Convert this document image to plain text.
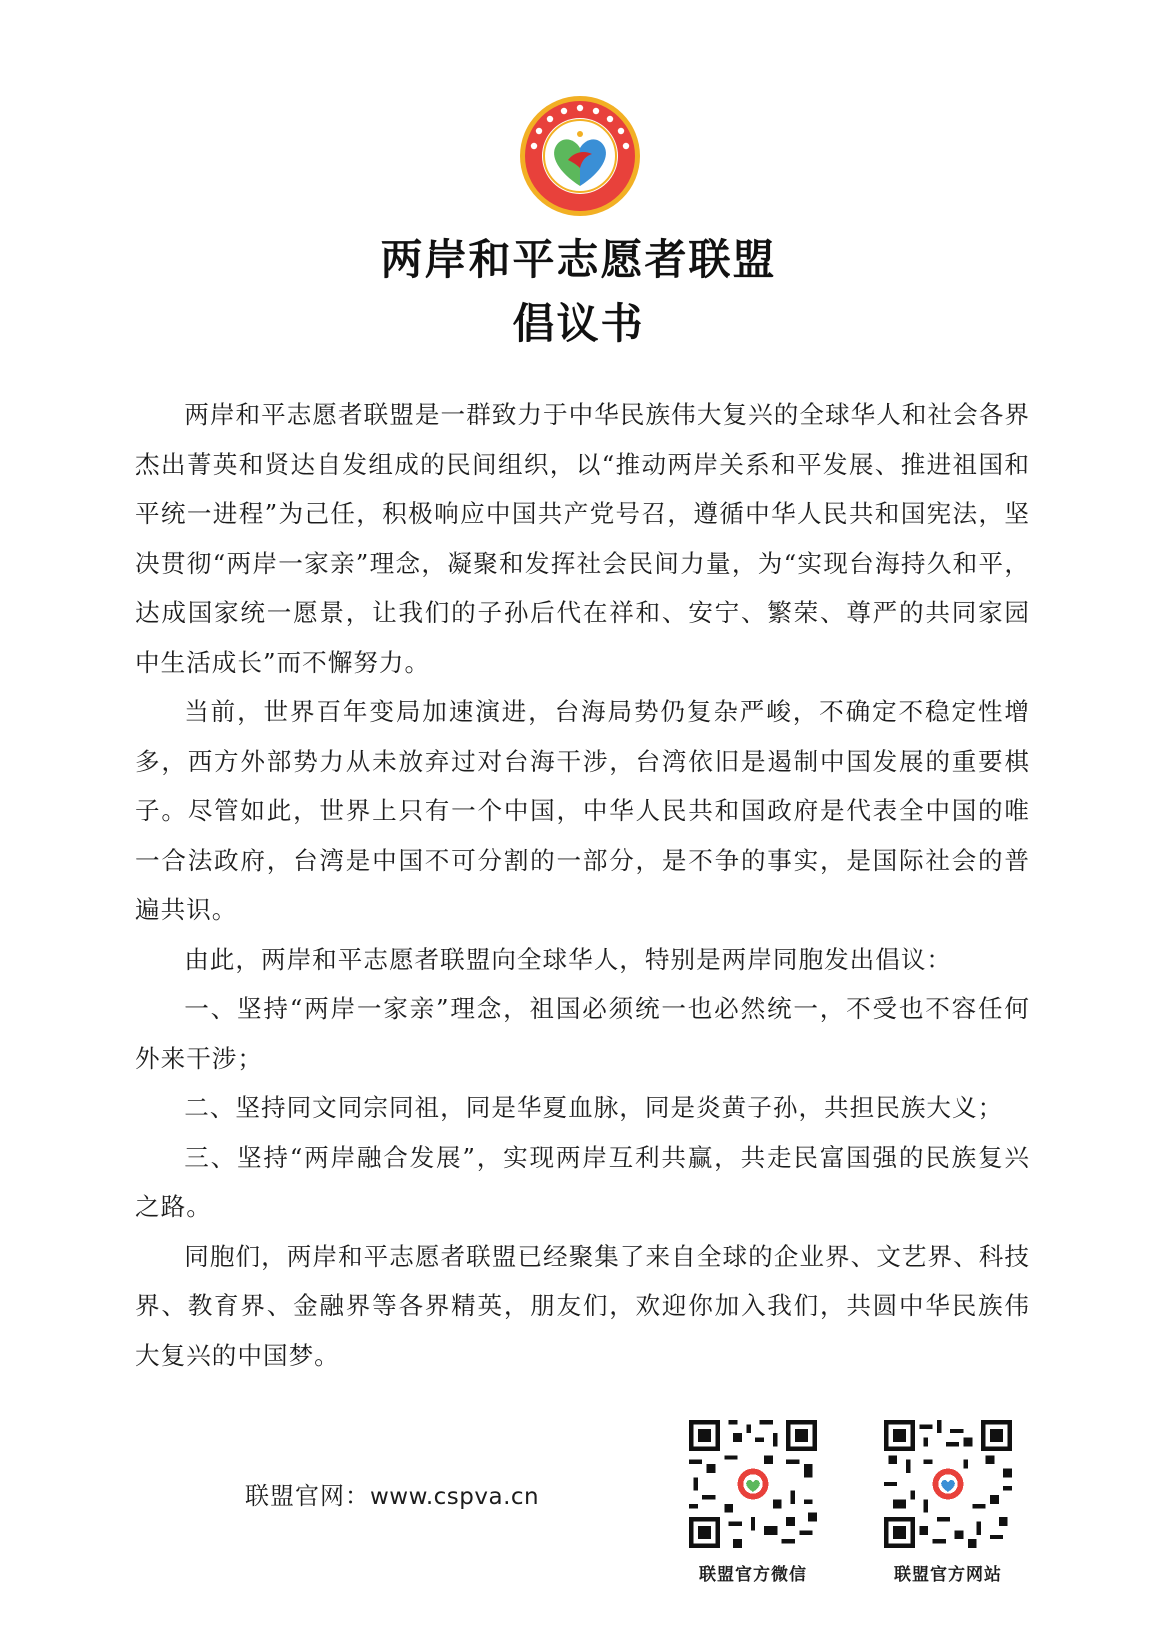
两岸和平志愿者联盟
倡议书

两岸和平志愿者联盟是一群致力于中华民族伟大复兴的全球华人和社会各界杰出菁英和贤达自发组成的民间组织，以“推动两岸关系和平发展、推进祖国和平统一进程”为己任，积极响应中国共产党号召，遵循中华人民共和国宪法，坚决贯彻“两岸一家亲”理念，凝聚和发挥社会民间力量，为“实现台海持久和平，达成国家统一愿景，让我们的子孙后代在祥和、安宁、繁荣、尊严的共同家园中生活成长”而不懈努力。

当前，世界百年变局加速演进，台海局势仍复杂严峻，不确定不稳定性增多，西方外部势力从未放弃过对台海干涉，台湾依旧是遏制中国发展的重要棋子。尽管如此，世界上只有一个中国，中华人民共和国政府是代表全中国的唯一合法政府，台湾是中国不可分割的一部分，是不争的事实，是国际社会的普遍共识。

由此，两岸和平志愿者联盟向全球华人，特别是两岸同胞发出倡议：

一、坚持“两岸一家亲”理念，祖国必须统一也必然统一，不受也不容任何外来干涉；

二、坚持同文同宗同祖，同是华夏血脉，同是炎黄子孙，共担民族大义；

三、坚持“两岸融合发展”，实现两岸互利共赢，共走民富国强的民族复兴之路。

同胞们，两岸和平志愿者联盟已经聚集了来自全球的企业界、文艺界、科技界、教育界、金融界等各界精英，朋友们，欢迎你加入我们，共圆中华民族伟大复兴的中国梦。

联盟官网：www.cspva.cn
联盟官方微信	联盟官方网站
